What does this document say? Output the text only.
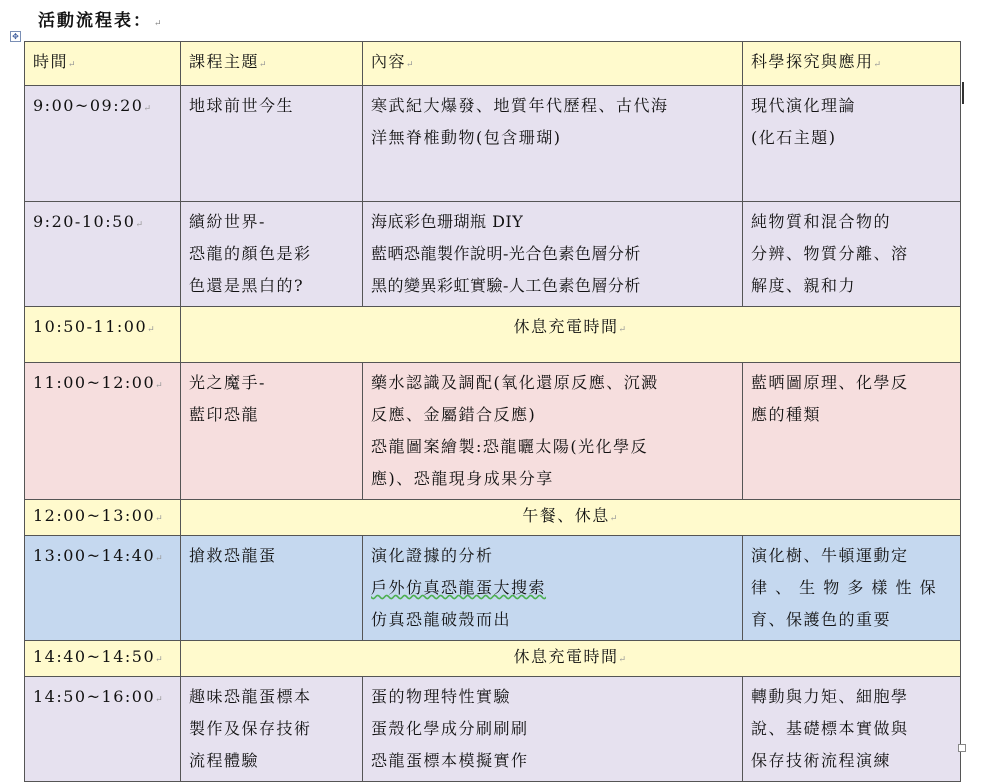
活動流程表： ↵
✥
時間↵	課程主題↵	內容↵	科學探究與應用↵
9:00~09:20↵	地球前世今生	寒武紀大爆發、地質年代歷程、古代海
洋無脊椎動物(包含珊瑚)	現代演化理論
(化石主題)

9:20-10:50↵	繽紛世界-
恐龍的顏色是彩
色還是黑白的?	海底彩色珊瑚瓶 DIY
藍晒恐龍製作說明-光合色素色層分析
黑的變異彩虹實驗-人工色素色層分析	純物質和混合物的
分辨、物質分離、溶
解度、親和力

10:50-11:00↵	休息充電時間↵		
11:00~12:00↵	光之魔手-
藍印恐龍	藥水認識及調配(氧化還原反應、沉澱
反應、金屬錯合反應)
恐龍圖案繪製:恐龍曬太陽(光化學反
應)、恐龍現身成果分享	藍晒圖原理、化學反
應的種類

12:00~13:00↵	午餐、休息↵		
13:00~14:40↵	搶救恐龍蛋	演化證據的分析
戶外仿真恐龍蛋大搜索
仿真恐龍破殼而出	演化樹、牛頓運動定
律 、 生 物 多 樣 性 保
育、保護色的重要

14:40~14:50↵	休息充電時間↵		
14:50~16:00↵	趣味恐龍蛋標本
製作及保存技術
流程體驗	蛋的物理特性實驗
蛋殼化學成分刷刷刷
恐龍蛋標本模擬實作	轉動與力矩、細胞學
說、基礎標本實做與
保存技術流程演練
